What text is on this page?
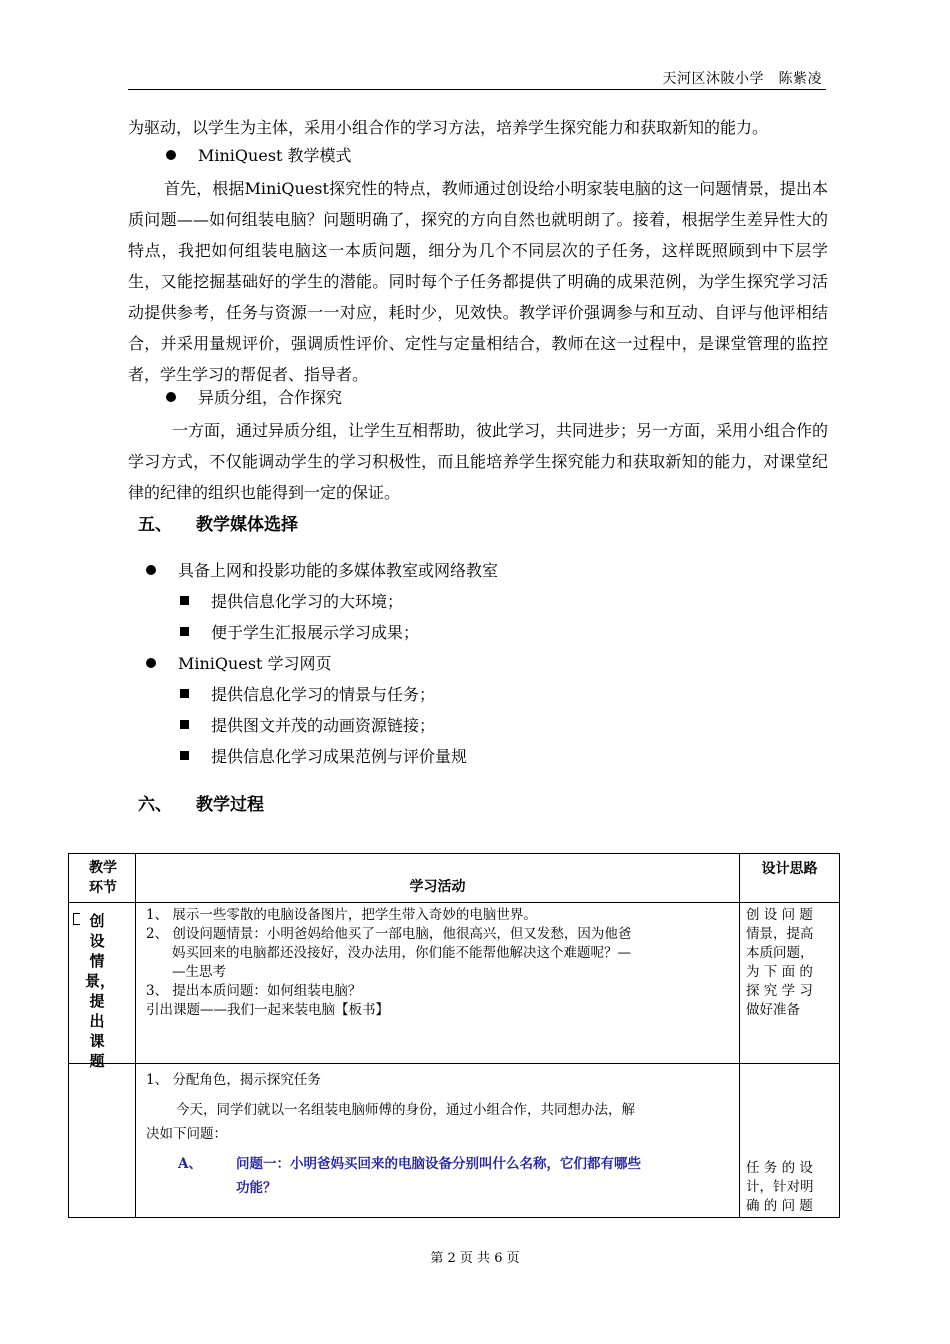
天河区沐陂小学　陈紫凌
为驱动，以学生为主体，采用小组合作的学习方法，培养学生探究能力和获取新知的能力。
MiniQuest 教学模式
首先，根据MiniQuest探究性的特点，教师通过创设给小明家装电脑的这一问题情景，提出本质问题——如何组装电脑？问题明确了，探究的方向自然也就明朗了。接着，根据学生差异性大的特点，我把如何组装电脑这一本质问题，细分为几个不同层次的子任务，这样既照顾到中下层学生，又能挖掘基础好的学生的潜能。同时每个子任务都提供了明确的成果范例，为学生探究学习活动提供参考，任务与资源一一对应，耗时少，见效快。教学评价强调参与和互动、自评与他评相结合，并采用量规评价，强调质性评价、定性与定量相结合，教师在这一过程中，是课堂管理的监控者，学生学习的帮促者、指导者。
异质分组，合作探究
一方面，通过异质分组，让学生互相帮助，彼此学习，共同进步；另一方面，采用小组合作的学习方式，不仅能调动学生的学习积极性，而且能培养学生探究能力和获取新知的能力，对课堂纪律的纪律的组织也能得到一定的保证。
五、 教学媒体选择
具备上网和投影功能的多媒体教室或网络教室
提供信息化学习的大环境；
便于学生汇报展示学习成果；
MiniQuest 学习网页
提供信息化学习的情景与任务；
提供图文并茂的动画资源链接；
提供信息化学习成果范例与评价量规
六、 教学过程
教学环节	学习活动
设计思路
创设情景，提出课题
1、 展示一些零散的电脑设备图片，把学生带入奇妙的电脑世界。
2、 创设问题情景：小明爸妈给他买了一部电脑，他很高兴，但又发愁，因为他爸
妈买回来的电脑都还没接好，没办法用，你们能不能帮他解决这个难题呢？—
—生思考
3、 提出本质问题：如何组装电脑？
引出课题——我们一起来装电脑【板书】
创 设 问 题
情景，提高
本质问题，
为 下 面 的
探 究 学 习
做好准备
1、 分配角色，揭示探究任务
今天，同学们就以一名组装电脑师傅的身份，通过小组合作，共同想办法，解
决如下问题：
A、	问题一：小明爸妈买回来的电脑设备分别叫什么名称，它们都有哪些
功能？
任 务 的 设
计，针对明
确 的 问 题
第 2 页 共 6 页
